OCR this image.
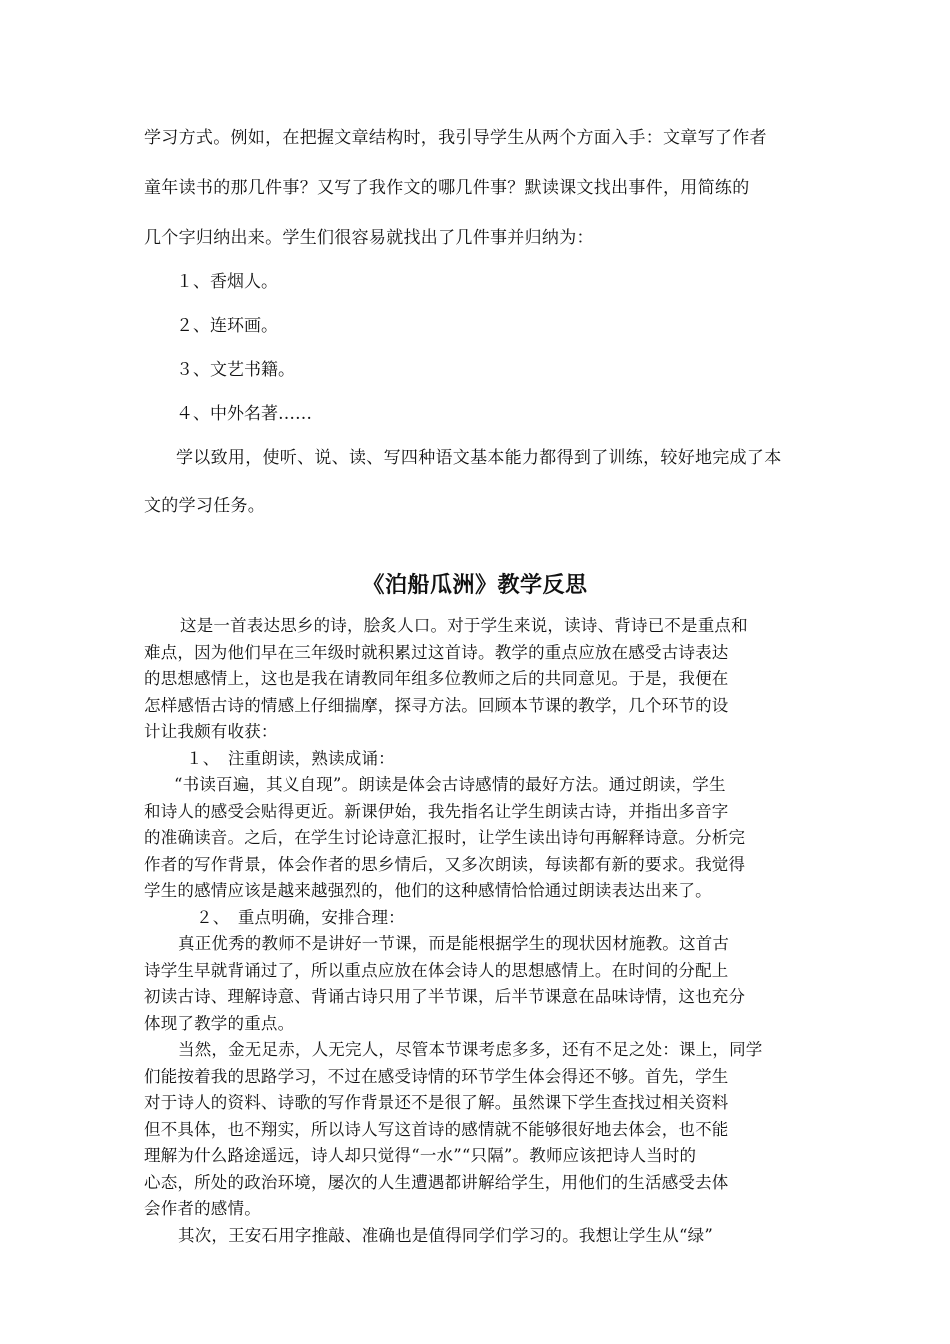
学习方式。例如，在把握文章结构时，我引导学生从两个方面入手：文章写了作者
童年读书的那几件事？又写了我作文的哪几件事？默读课文找出事件，用简练的
几个字归纳出来。学生们很容易就找出了几件事并归纳为：
１、香烟人。
２、连环画。
３、文艺书籍。
４、中外名著……
学以致用，使听、说、读、写四种语文基本能力都得到了训练，较好地完成了本
文的学习任务。
《泊船瓜洲》教学反思
这是一首表达思乡的诗，脍炙人口。对于学生来说，读诗、背诗已不是重点和
难点，因为他们早在三年级时就积累过这首诗。教学的重点应放在感受古诗表达
的思想感情上，这也是我在请教同年组多位教师之后的共同意见。于是，我便在
怎样感悟古诗的情感上仔细揣摩，探寻方法。回顾本节课的教学，几个环节的设
计让我颇有收获：
１、　注重朗读，熟读成诵：
“书读百遍，其义自现”。朗读是体会古诗感情的最好方法。通过朗读，学生
和诗人的感受会贴得更近。新课伊始，我先指名让学生朗读古诗，并指出多音字
的准确读音。之后，在学生讨论诗意汇报时，让学生读出诗句再解释诗意。分析完
作者的写作背景，体会作者的思乡情后，又多次朗读，每读都有新的要求。我觉得
学生的感情应该是越来越强烈的，他们的这种感情恰恰通过朗读表达出来了。
２、　重点明确，安排合理：
真正优秀的教师不是讲好一节课，而是能根据学生的现状因材施教。这首古
诗学生早就背诵过了，所以重点应放在体会诗人的思想感情上。在时间的分配上
初读古诗、理解诗意、背诵古诗只用了半节课，后半节课意在品味诗情，这也充分
体现了教学的重点。
当然，金无足赤，人无完人，尽管本节课考虑多多，还有不足之处：课上，同学
们能按着我的思路学习，不过在感受诗情的环节学生体会得还不够。首先，学生
对于诗人的资料、诗歌的写作背景还不是很了解。虽然课下学生查找过相关资料
但不具体，也不翔实，所以诗人写这首诗的感情就不能够很好地去体会，也不能
理解为什么路途遥远，诗人却只觉得“一水”“只隔”。教师应该把诗人当时的
心态，所处的政治环境，屡次的人生遭遇都讲解给学生，用他们的生活感受去体
会作者的感情。
其次，王安石用字推敲、准确也是值得同学们学习的。我想让学生从“绿”
